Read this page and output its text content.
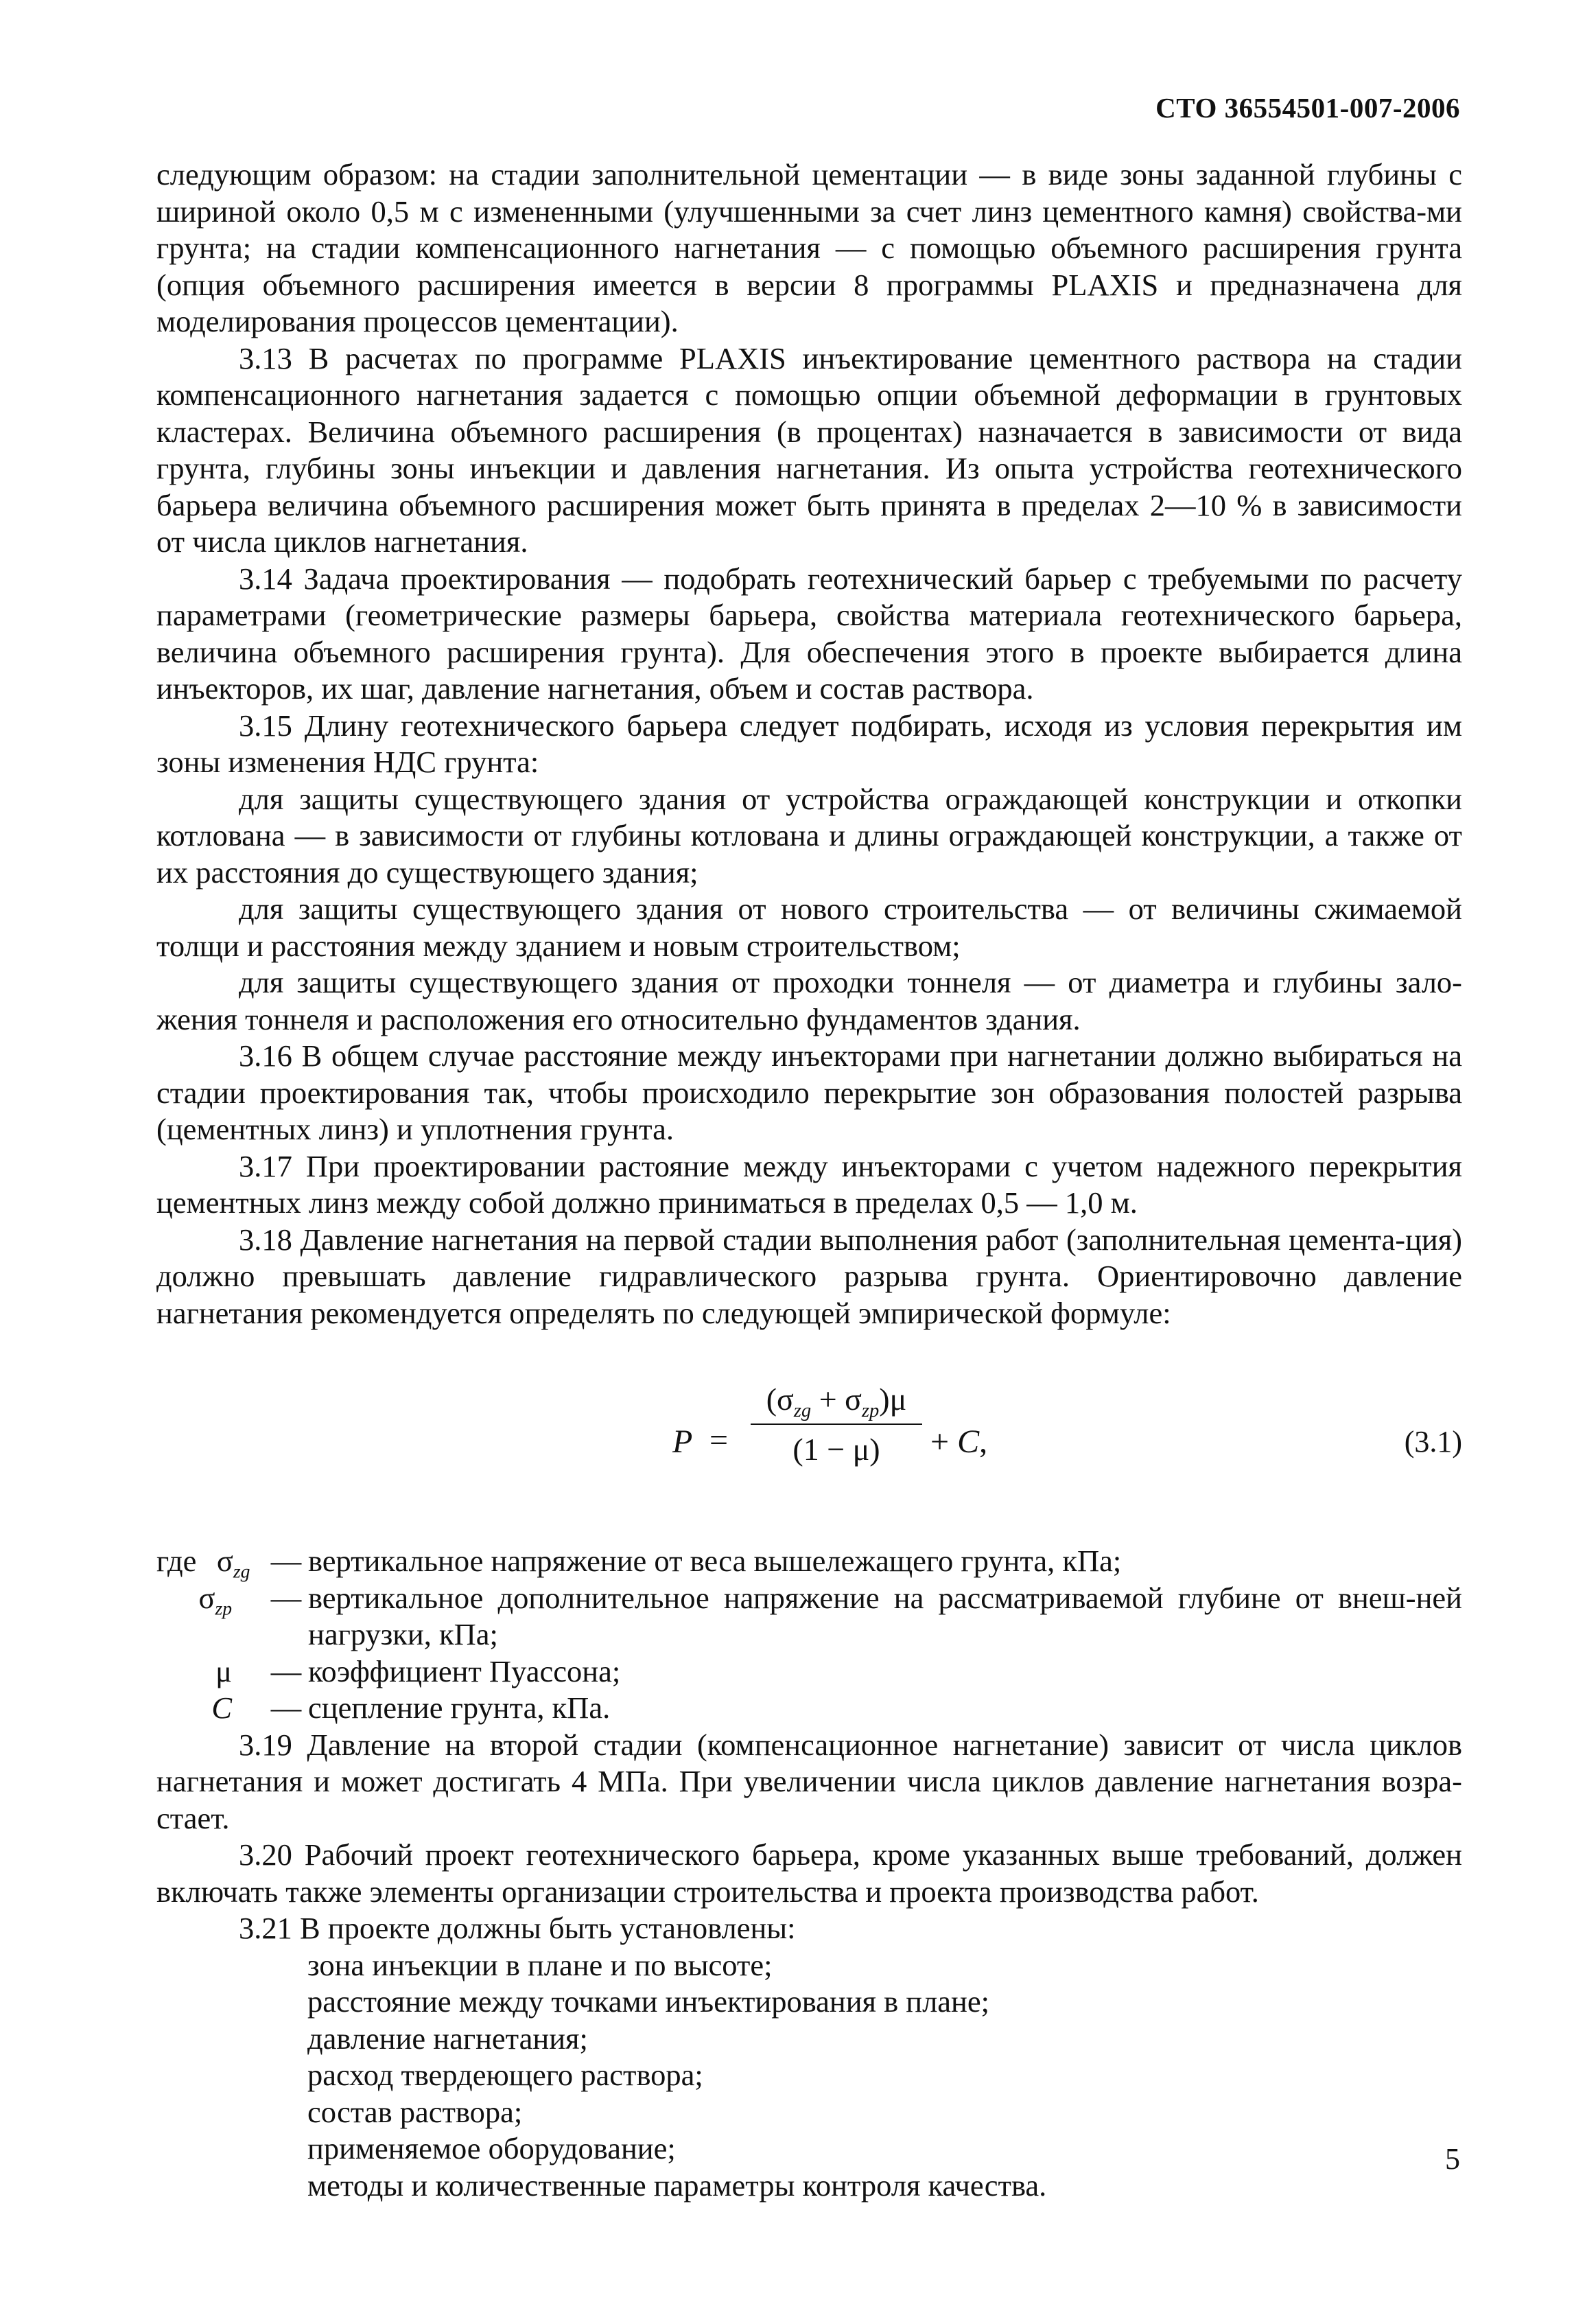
СТО 36554501-007-2006

следующим образом: на стадии заполнительной цементации — в виде зоны заданной глубины с шириной около 0,5 м с измененными (улучшенными за счет линз цементного камня) свойства-ми грунта; на стадии компенсационного нагнетания — с помощью объемного расширения грунта (опция объемного расширения имеется в версии 8 программы PLAXIS и предназначена для моделирования процессов цементации).

3.13 В расчетах по программе PLAXIS инъектирование цементного раствора на стадии компенсационного нагнетания задается с помощью опции объемной деформации в грунтовых кластерах. Величина объемного расширения (в процентах) назначается в зависимости от вида грунта, глубины зоны инъекции и давления нагнетания. Из опыта устройства геотехнического барьера величина объемного расширения может быть принята в пределах 2—10 % в зависимости от числа циклов нагнетания.

3.14 Задача проектирования — подобрать геотехнический барьер с требуемыми по расчету параметрами (геометрические размеры барьера, свойства материала геотехнического барьера, величина объемного расширения грунта). Для обеспечения этого в проекте выбирается длина инъекторов, их шаг, давление нагнетания, объем и состав раствора.

3.15 Длину геотехнического барьера следует подбирать, исходя из условия перекрытия им зоны изменения НДС грунта:

для защиты существующего здания от устройства ограждающей конструкции и откопки котлована — в зависимости от глубины котлована и длины ограждающей конструкции, а также от их расстояния до существующего здания;

для защиты существующего здания от нового строительства — от величины сжимаемой толщи и расстояния между зданием и новым строительством;

для защиты существующего здания от проходки тоннеля — от диаметра и глубины зало-жения тоннеля и расположения его относительно фундаментов здания.

3.16 В общем случае расстояние между инъекторами при нагнетании должно выбираться на стадии проектирования так, чтобы происходило перекрытие зон образования полостей разрыва (цементных линз) и уплотнения грунта.

3.17 При проектировании растояние между инъекторами с учетом надежного перекрытия цементных линз между собой должно приниматься в пределах 0,5 — 1,0 м.

3.18 Давление нагнетания на первой стадии выполнения работ (заполнительная цемента-ция) должно превышать давление гидравлического разрыва грунта. Ориентировочно давление нагнетания рекомендуется определять по следующей эмпирической формуле:

P =
$(\sigma_{zg} + \sigma_{zp})\mu$
(1 − μ)	+ C,	(3.1)
где $\sigma_{zg}$ — вертикальное напряжение от веса вышележащего грунта, кПа;
$\sigma_{zp}$	— вертикальное дополнительное напряжение на рассматриваемой глубине от внеш-ней нагрузки, кПа;
μ	— коэффициент Пуассона;
C	— сцепление грунта, кПа.

3.19 Давление на второй стадии (компенсационное нагнетание) зависит от числа циклов нагнетания и может достигать 4 МПа. При увеличении числа циклов давление нагнетания возра-стает.

3.20 Рабочий проект геотехнического барьера, кроме указанных выше требований, должен включать также элементы организации строительства и проекта производства работ.

3.21 В проекте должны быть установлены:

зона инъекции в плане и по высоте;
расстояние между точками инъектирования в плане;
давление нагнетания;
расход твердеющего раствора;
состав раствора;
применяемое оборудование;
методы и количественные параметры контроля качества.
5
